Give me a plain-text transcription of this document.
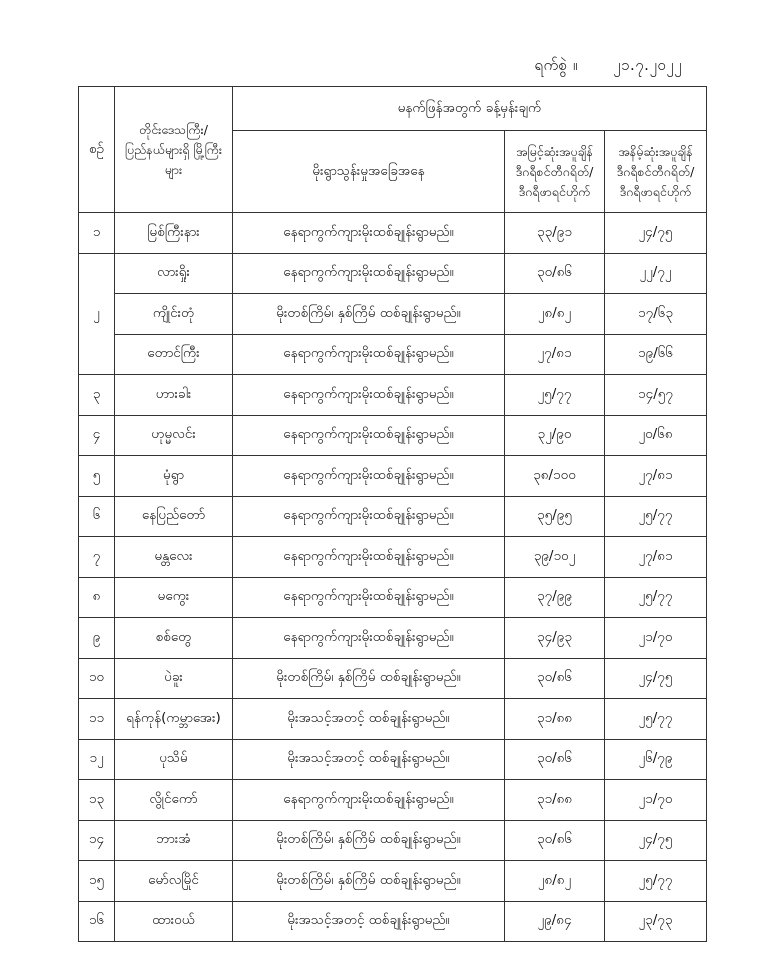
ရက်စွဲ ။ ၂၁.၇.၂၀၂၂
စဉ်	တိုင်းဒေသကြီး/ ပြည်နယ်များရှိ မြို့ကြီးများ	မနက်ဖြန်အတွက် ခန့်မှန်းချက်		
		မိုးရွာသွန်းမှုအခြေအနေ	အမြင့်ဆုံးအပူချိန် ဒီဂရီစင်တီဂရိတ်/ ဒီဂရီဖာရင်ဟိုက်	အနိမ့်ဆုံးအပူချိန် ဒီဂရီစင်တီဂရိတ်/ ဒီဂရီဖာရင်ဟိုက်
၁	မြစ်ကြီးနား	နေရာကွက်ကျားမိုးထစ်ချုန်းရွာမည်။	၃၃/၉၁	၂၄/၇၅
၂	လားရှိုး	နေရာကွက်ကျားမိုးထစ်ချုန်းရွာမည်။	၃၀/၈၆	၂၂/၇၂
	ကျိုင်းတုံ	မိုးတစ်ကြိမ်၊ နှစ်ကြိမ် ထစ်ချုန်းရွာမည်။	၂၈/၈၂	၁၇/၆၃
	တောင်ကြီး	နေရာကွက်ကျားမိုးထစ်ချုန်းရွာမည်။	၂၇/၈၁	၁၉/၆၆
၃	ဟားခါး	နေရာကွက်ကျားမိုးထစ်ချုန်းရွာမည်။	၂၅/၇၇	၁၄/၅၇
၄	ဟုမ္မလင်း	နေရာကွက်ကျားမိုးထစ်ချုန်းရွာမည်။	၃၂/၉၀	၂၀/၆၈
၅	မုံရွာ	နေရာကွက်ကျားမိုးထစ်ချုန်းရွာမည်။	၃၈/၁၀၀	၂၇/၈၁
၆	နေပြည်တော်	နေရာကွက်ကျားမိုးထစ်ချုန်းရွာမည်။	၃၅/၉၅	၂၅/၇၇
၇	မန္တလေး	နေရာကွက်ကျားမိုးထစ်ချုန်းရွာမည်။	၃၉/၁၀၂	၂၇/၈၁
၈	မကွေး	နေရာကွက်ကျားမိုးထစ်ချုန်းရွာမည်။	၃၇/၉၉	၂၅/၇၇
၉	စစ်တွေ	နေရာကွက်ကျားမိုးထစ်ချုန်းရွာမည်။	၃၄/၉၃	၂၁/၇၀
၁၀	ပဲခူး	မိုးတစ်ကြိမ်၊ နှစ်ကြိမ် ထစ်ချုန်းရွာမည်။	၃၀/၈၆	၂၄/၇၅
၁၁	ရန်ကုန်(ကမ္ဘာအေး)	မိုးအသင့်အတင့် ထစ်ချုန်းရွာမည်။	၃၁/၈၈	၂၅/၇၇
၁၂	ပုသိမ်	မိုးအသင့်အတင့် ထစ်ချုန်းရွာမည်။	၃၀/၈၆	၂၆/၇၉
၁၃	လွိုင်ကော်	နေရာကွက်ကျားမိုးထစ်ချုန်းရွာမည်။	၃၁/၈၈	၂၁/၇၀
၁၄	ဘားအံ	မိုးတစ်ကြိမ်၊ နှစ်ကြိမ် ထစ်ချုန်းရွာမည်။	၃၀/၈၆	၂၄/၇၅
၁၅	မော်လမြိုင်	မိုးတစ်ကြိမ်၊ နှစ်ကြိမ် ထစ်ချုန်းရွာမည်။	၂၈/၈၂	၂၅/၇၇
၁၆	ထားဝယ်	မိုးအသင့်အတင့် ထစ်ချုန်းရွာမည်။	၂၉/၈၄	၂၃/၇၃
